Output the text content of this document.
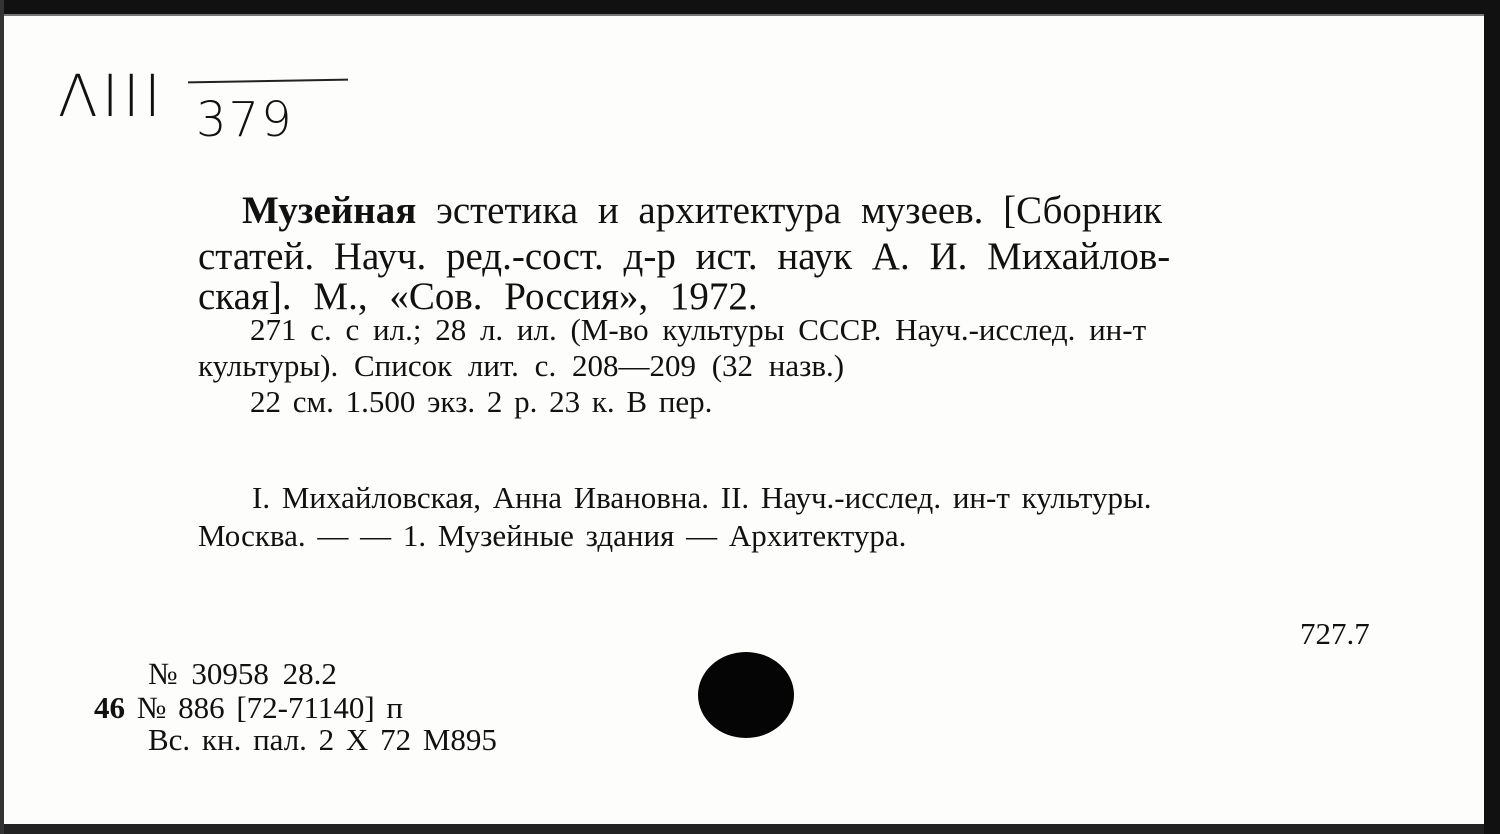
ΛIII 379
Музейная эстетика и архитектура музеев. [Сборник
статей. Науч. ред.-сост. д-р ист. наук А. И. Михайлов-
ская]. М., «Сов. Россия», 1972.
271 с. с ил.; 28 л. ил. (М-во культуры СССР. Науч.-исслед. ин-т
культуры). Список лит. с. 208—209 (32 назв.)
22 см. 1.500 экз. 2 р. 23 к. В пер.
I. Михайловская, Анна Ивановна. II. Науч.-исслед. ин-т культуры.
Москва. — — 1. Музейные здания — Архитектура.
727.7
№ 30958 28.2
46 № 886 [72-71140] п
Вс. кн. пал. 2 X 72 M895
